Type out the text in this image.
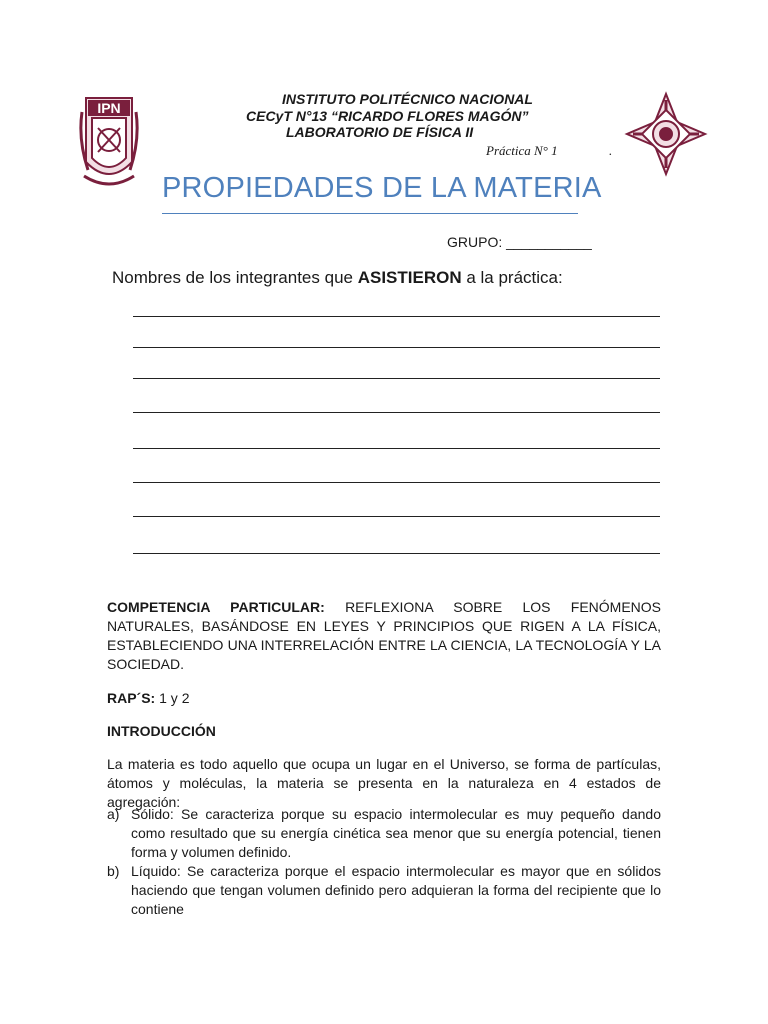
IPN
INSTITUTO POLITÉCNICO NACIONAL
CECyT N°13 “RICARDO FLORES MAGÓN”
LABORATORIO DE FÍSICA II
Práctica N° 1	.
PROPIEDADES DE LA MATERIA
GRUPO: ___________
Nombres de los integrantes que ASISTIERON a la práctica:
COMPETENCIA PARTICULAR: REFLEXIONA SOBRE LOS FENÓMENOS NATURALES, BASÁNDOSE EN LEYES Y PRINCIPIOS QUE RIGEN A LA FÍSICA, ESTABLECIENDO UNA INTERRELACIÓN ENTRE LA CIENCIA, LA TECNOLOGÍA Y LA SOCIEDAD.
RAP´S: 1 y 2
INTRODUCCIÓN
La materia es todo aquello que ocupa un lugar en el Universo, se forma de partículas, átomos y moléculas, la materia se presenta en la naturaleza en 4 estados de agregación:
a) Sólido: Se caracteriza porque su espacio intermolecular es muy pequeño dando como resultado que su energía cinética sea menor que su energía potencial, tienen forma y volumen definido.
b) Líquido: Se caracteriza porque el espacio intermolecular es mayor que en sólidos haciendo que tengan volumen definido pero adquieran la forma del recipiente que lo contiene
